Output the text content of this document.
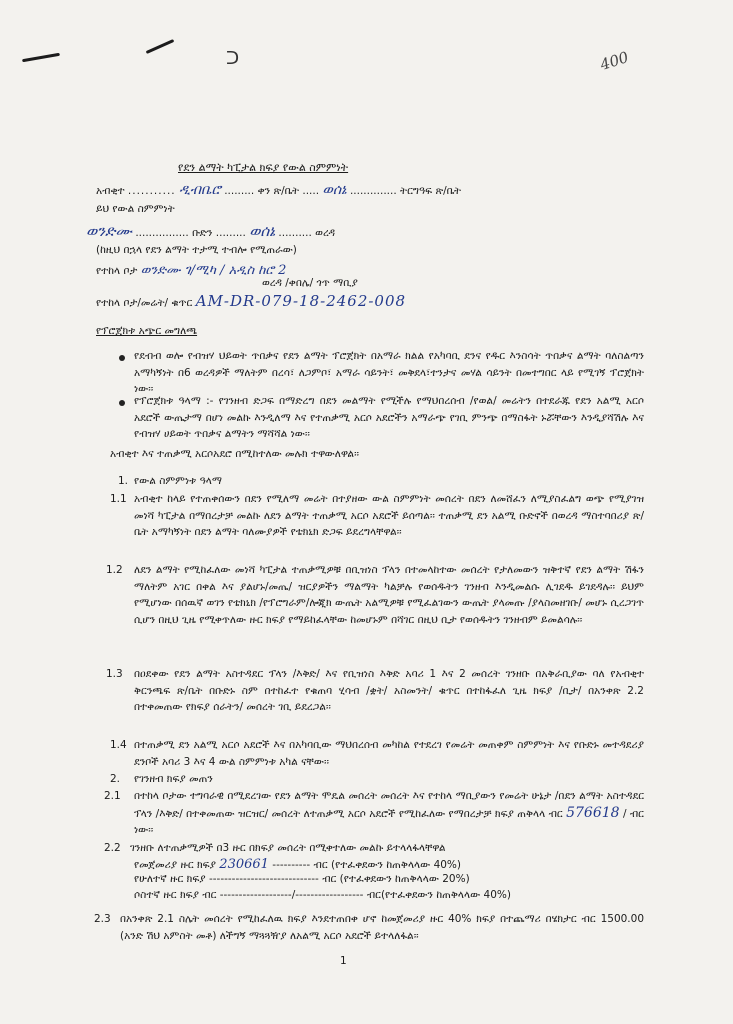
ᑐ	400
የደን ልማት ካፒታል ክፍያ የውል ስምምነት
አብቂተ ........... ዲብቤሮ ......... ቀን ጽ/ቤት ..... ወሰኔ .............. ትርግዓፍ ጽ/ቤት
ይህ የውል ስምምነት
ወንድሙ ................ ቡድን ......... ወሰኔ .......... ወረዳ
(ከዚህ በኋላ የደን ልማት ተታሚ ተብሎ የሚጠራው)
የተከላ ቦታ ወንድሙ ገ/ሚካ / አዲስ ከሮ 2
ወረዳ /ቀበሌ/ ጎጥ ማቢያ
የተከላ ቦታ/መሬት/ ቁጥር AM-DR-079-18-2462-008
የፕሮጀክቱ አጭር መግለጫ
የደብብ ወሎ የብዝሃ ህይወት ጥበቃና የደን ልማት ፕሮጀክት በአማራ ክልል የአካባቢ ደንና የዱር እንስሳት ጥበቃና ልማት ባለስልጣን አማካኝነት በ6 ወረዳዎች ማለትም በረሳ፣ ለጋምቦ፣ አማራ ሳይንት፣ መቅደላ፣ተንታና መሃል ሳይንት በመተግበር ላይ የሚገኝ ፕሮጀክት ነው፡፡
የፕሮጀክቱ ዓላማ :- የገንዘብ ድጋፍ በማድረግ በደን መልማት የሚችሉ የማህበረሰብ /የወል/ መሬትን በተደራጁ የደን አልሚ አርሶ አደሮች ውጤታማ በሆነ መልኩ እንዲለማ እና የተጠቃሚ አርሶ አደሮችን አማራጭ የገቢ ምንጭ በማስፋት ኑሯቸውን እንዲያሻሽሉ እና የብዝሃ ሀይወት ጥበቃና ልማትን ማሻሻል ነው፡፡
አብቂተ እና ተጠቃሚ አርሶአደሮ በሚከተለው መሉክ ተዋውለዋል፡፡
1. የውል ስምምነቱ ዓላማ
1.1 አብቂተ ከላይ የተጠቀሰውን በደን የሚለማ መሬት በተያዘው ውል ስምምነት መሰረት በደን ለመሸፈን ለሚያስፈልግ ወጭ የሚያገዝ መነሻ ካፒታል በማበረታቻ መልኩ ለደን ልማት ተጠቃሚ አርሶ አደሮች ይሰጣል፡፡ ተጠቃሚ ደን አልሚ ቡድኖች በወረዳ ማስተባበሪያ ጽ/ቤት አማካኝነት በደን ልማት ባለሙያዎች የቴክኒክ ድጋፍ ይደረግላቸዋል፡፡
1.2 ለደን ልማት የሚከፈለው መነሻ ካፒታል ተጠቃሚዎቹ በቢዝነስ ፕላን በተመላከተው መሰረት የታለመውን ዝቅተኛ የደን ልማት ሽፋን ማለትም አገር በቀል እና ያልሆኑ/መጤ/ ዝርያዎችን ማልማት ካልቻሉ የወሰዱትን ገንዘብ እንዲመልሱ ሊገደዱ ይገደዳሉ፡፡ ይህም የሚሆነው በሰዉኛ ወገን የቴክኒክ /የፕሮግራም/ሎጂክ ውጤት አልሚዎቹ የሚፈልገውን ውጤት ያላመጡ /ያላስመዘገቡ/ መሆኑ ሲረጋገጥ ሲሆን በዚህ ጊዜ የሚቀጥለው ዙር ክፍያ የማይከፈላቸው ከመሆኑም በሻገር በዚህ ቢታ የወሰዱትን ገንዘብም ይመልሳሉ፡፡
1.3 በዐደቀው የደን ልማት አስተዳደር ፕላን /እቅድ/ እና የቢዝነስ እቅድ አባሪ 1 እና 2 መሰረት ገንዘቡ በአቅራቢያው ባለ የአብቂተ ቅርንጫፍ ጽ/ቤት በቡድኑ ስም በተከፈተ የቁጠባ ሂሳብ /ቋት/ አስመንት/ ቁጥር በተከፋፈለ ጊዜ ክፍያ /ቢታ/ በአንቀጽ 2.2 በተቀመጠው የክፍያ ሰራትን/ መሰረት ገቢ ይደረጋል፡፡
1.4 በተጠቃሚ ደን አልሚ አርሶ አደሮች እና በአካባቢው ማህበረሰብ መካከል የተደረገ የመሬት መጠቀም ስምምነት እና የቡድኑ መተዳደሪያ ደንቦች አባሪ 3 እና 4 ውል ስምምነቱ አካል ናቸው፡፡
2. የገንዘብ ክፍያ መጠን
2.1 በተከላ ቦታው ተግባራዊ በሚደረገው የደን ልማት ሞዴል መሰረት መሰረት እና የተከላ ማቢያውን የመሬት ሁኔታ /በደን ልማት አስተዳደር ፕላን /እቅድ/ በተቀመጠው ዝርዝር/ መሰረት ለተጠቃሚ አርሶ አደሮች የሚከፈለው የማበረታቻ ክፍያ ጠቅላላ ብር 576618 / ብር ነው፡፡
2.2 ገንዘቡ ለተጠቃሚዎች በ3 ዙር በክፍያ መሰረት በሚቀተለው መልኩ ይተላላፋላቸዋል
የመጀመሪያ ዙር ክፍያ 230661 ---------- ብር (የተፈቀደውን ከጠቅላላው 40%)
የሁለተኛ ዙር ክፍያ ----------------------------- ብር (የተፈቀደውን ከጠቅላላው 20%)
ሶስተኛ ዙር ክፍያ ብር -------------------/------------------ ብር(የተፈቀደውን ከጠቅላላው 40%)
2.3 በአንቀጽ 2.1 ስሌት መሰረት የሚከፈለዉ ክፍያ እንደተጠበቀ ሆኖ ከመጀመሪያ ዙር 40% ክፍያ በተጨማሪ በሄክታር ብር 1500.00 (አንድ ሽህ አምስት መቶ) ለችግኝ ማጓጓዥያ ለአልሚ አርሶ አደሮች ይተላለፋል፡፡
1
